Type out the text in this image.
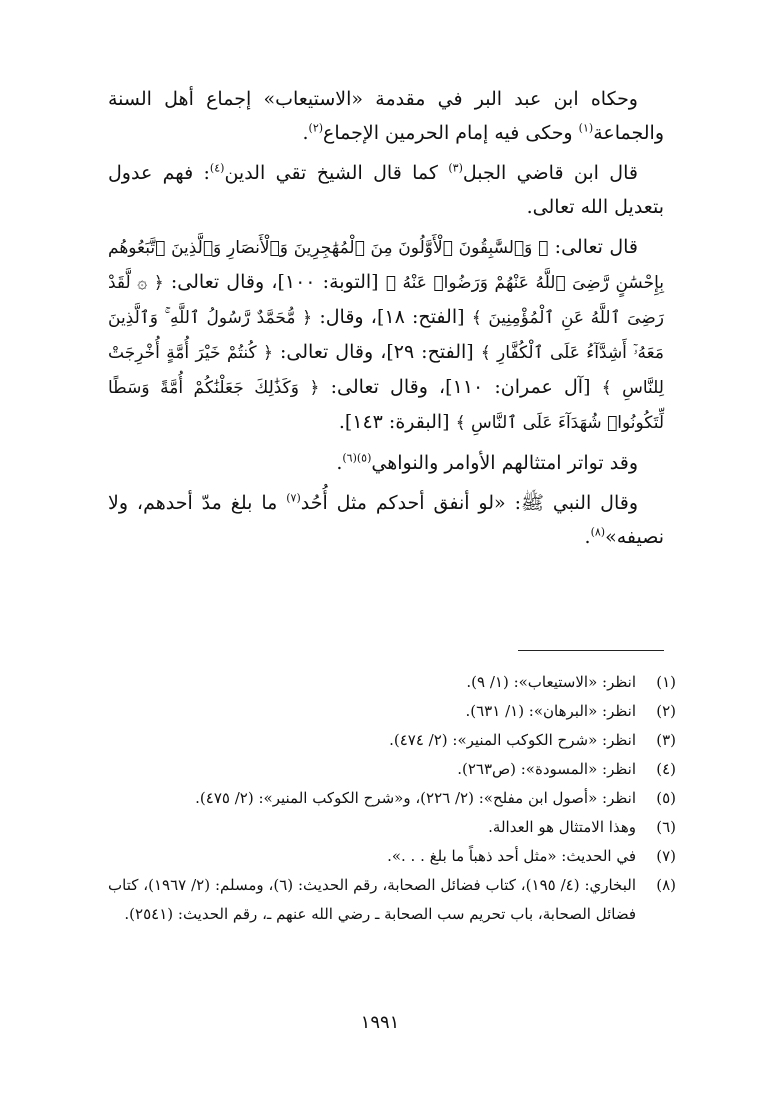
وحكاه ابن عبد البر في مقدمة «الاستيعاب» إجماع أهل السنة والجماعة$^{(١)}$ وحكى فيه إمام الحرمين الإجماع$^{(٢)}$.

قال ابن قاضي الجبل$^{(٣)}$ كما قال الشيخ تقي الدين$^{(٤)}$: فهم عدول بتعديل الله تعالى.

قال تعالى: ﴿ وَٱلسَّٰبِقُونَ ٱلْأَوَّلُونَ مِنَ ٱلْمُهَٰجِرِينَ وَٱلْأَنصَارِ وَٱلَّذِينَ ٱتَّبَعُوهُم بِإِحْسَٰنٍ رَّضِىَ ٱللَّهُ عَنْهُمْ وَرَضُوا۟ عَنْهُ ﴾ [التوبة: ١٠٠]، وقال تعالى: ﴿ ۞ لَّقَدْ رَضِىَ ٱللَّهُ عَنِ ٱلْمُؤْمِنِينَ ﴾ [الفتح: ١٨]، وقال: ﴿ مُّحَمَّدٌ رَّسُولُ ٱللَّهِ ۚ وَٱلَّذِينَ مَعَهُۥٓ أَشِدَّآءُ عَلَى ٱلْكُفَّارِ ﴾ [الفتح: ٢٩]، وقال تعالى: ﴿ كُنتُمْ خَيْرَ أُمَّةٍ أُخْرِجَتْ لِلنَّاسِ ﴾ [آل عمران: ١١٠]، وقال تعالى: ﴿ وَكَذَٰلِكَ جَعَلْنَٰكُمْ أُمَّةً وَسَطًا لِّتَكُونُوا۟ شُهَدَآءَ عَلَى ٱلنَّاسِ ﴾ [البقرة: ١٤٣].

وقد تواتر امتثالهم الأوامر والنواهي$^{(٥)(٦)}$.

وقال النبي ﷺ: «لو أنفق أحدكم مثل أُحُد$^{(٧)}$ ما بلغ مدّ أحدهم، ولا نصيفه»$^{(٨)}$.

(١)
انظر: «الاستيعاب»: (١/ ٩).
(٢)
انظر: «البرهان»: (١/ ٦٣١).
(٣)
انظر: «شرح الكوكب المنير»: (٢/ ٤٧٤).
(٤)
انظر: «المسودة»: (ص٢٦٣).
(٥)
انظر: «أصول ابن مفلح»: (٢/ ٢٢٦)، و«شرح الكوكب المنير»: (٢/ ٤٧٥).
(٦)
وهذا الامتثال هو العدالة.
(٧)
في الحديث: «مثل أحد ذهباً ما بلغ . . .».
(٨)
البخاري: (٤/ ١٩٥)، كتاب فضائل الصحابة، رقم الحديث: (٦)، ومسلم: (٢/ ١٩٦٧)، كتاب فضائل الصحابة، باب تحريم سب الصحابة ـ رضي الله عنهم ـ، رقم الحديث: (٢٥٤١).
١٩٩١
